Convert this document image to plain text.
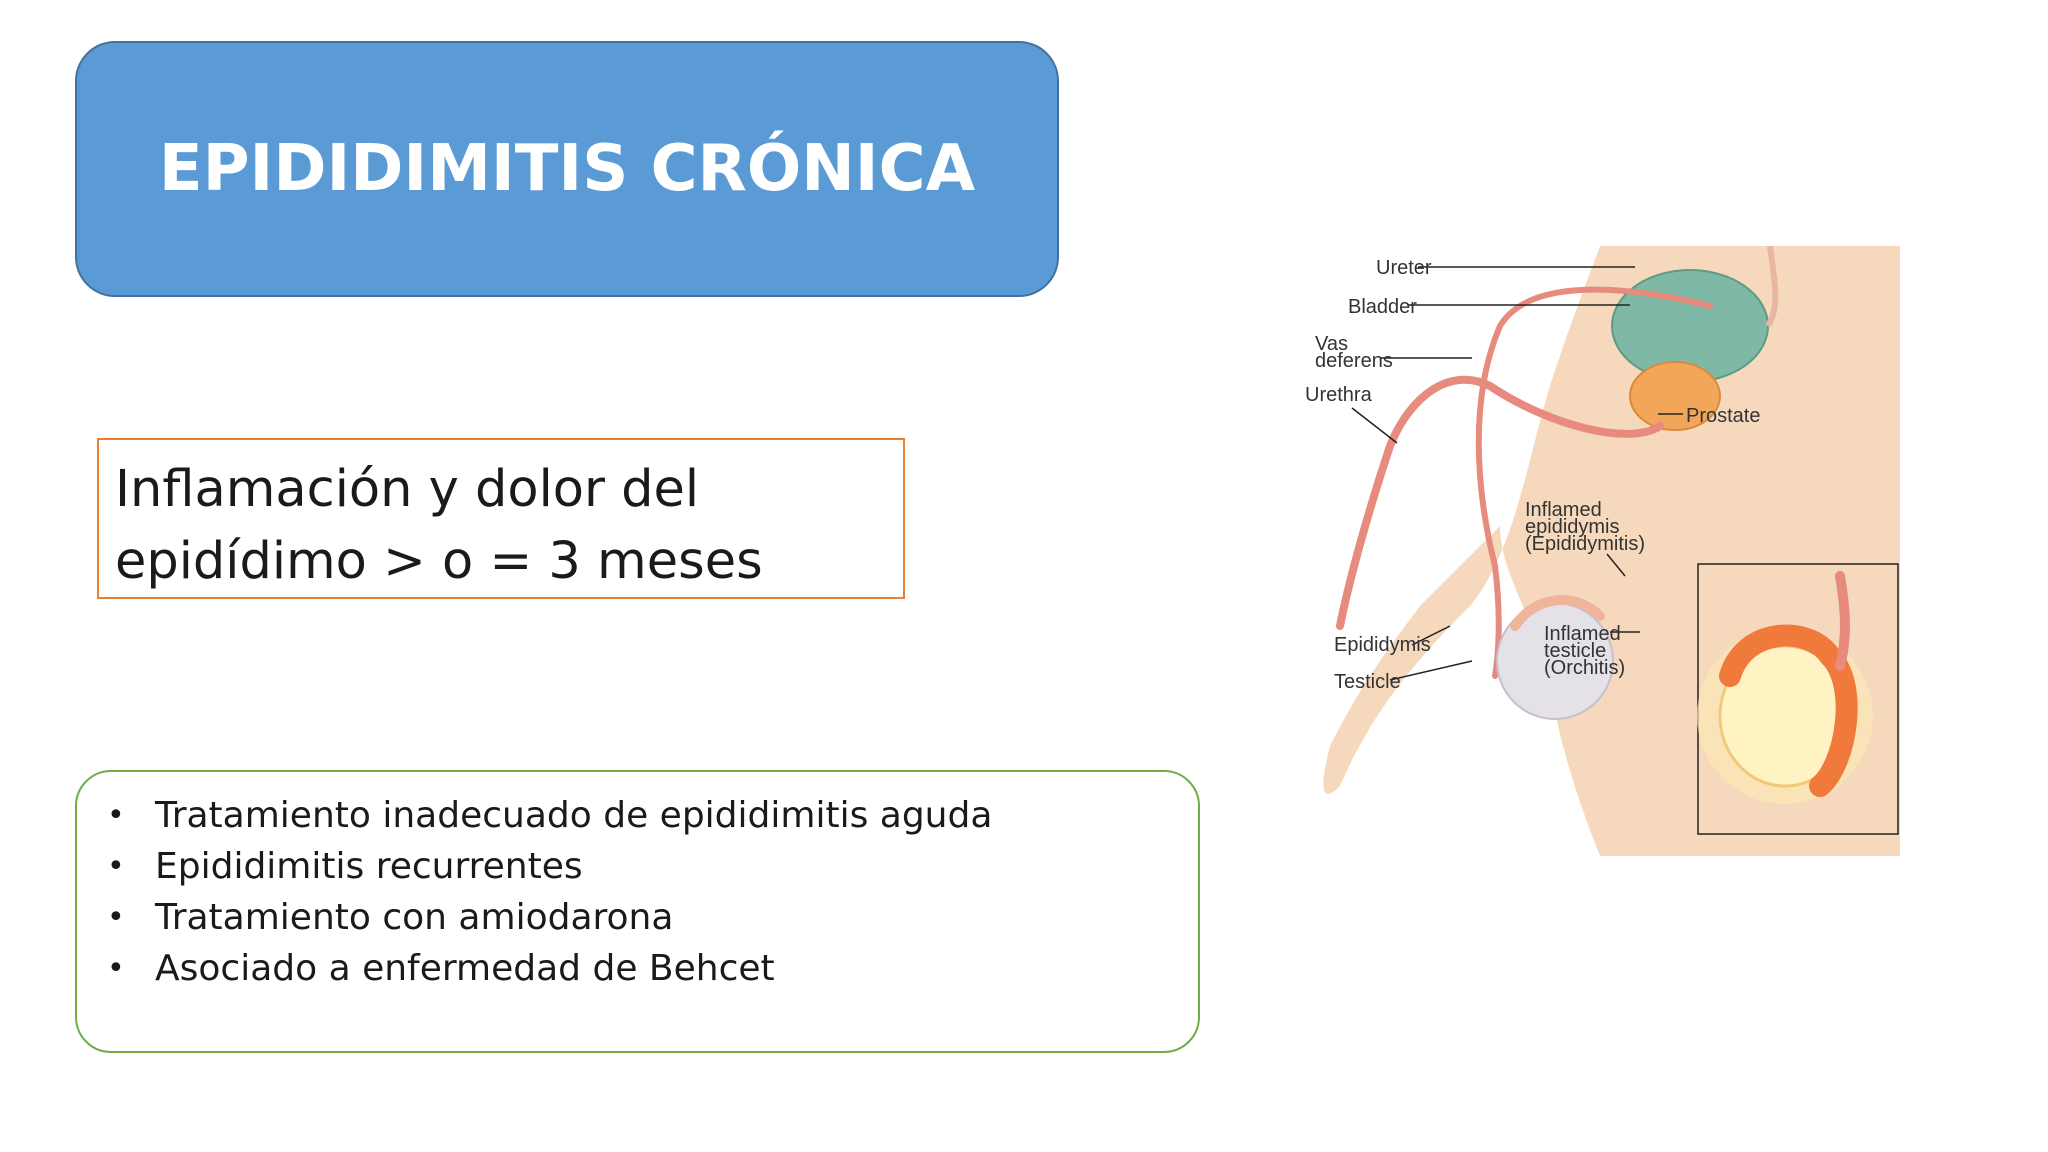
EPIDIDIMITIS CRÓNICA
Inflamación y dolor del
epidídimo > o = 3 meses
• Tratamiento inadecuado de epididimitis aguda
• Epididimitis recurrentes
• Tratamiento con amiodarona
• Asociado a enfermedad de Behcet
Ureter
Bladder
Vas
deferens
Urethra
Prostate
Inflamed
epididymis
(Epididymitis)
Epididymis
Testicle
Inflamed
testicle
(Orchitis)
